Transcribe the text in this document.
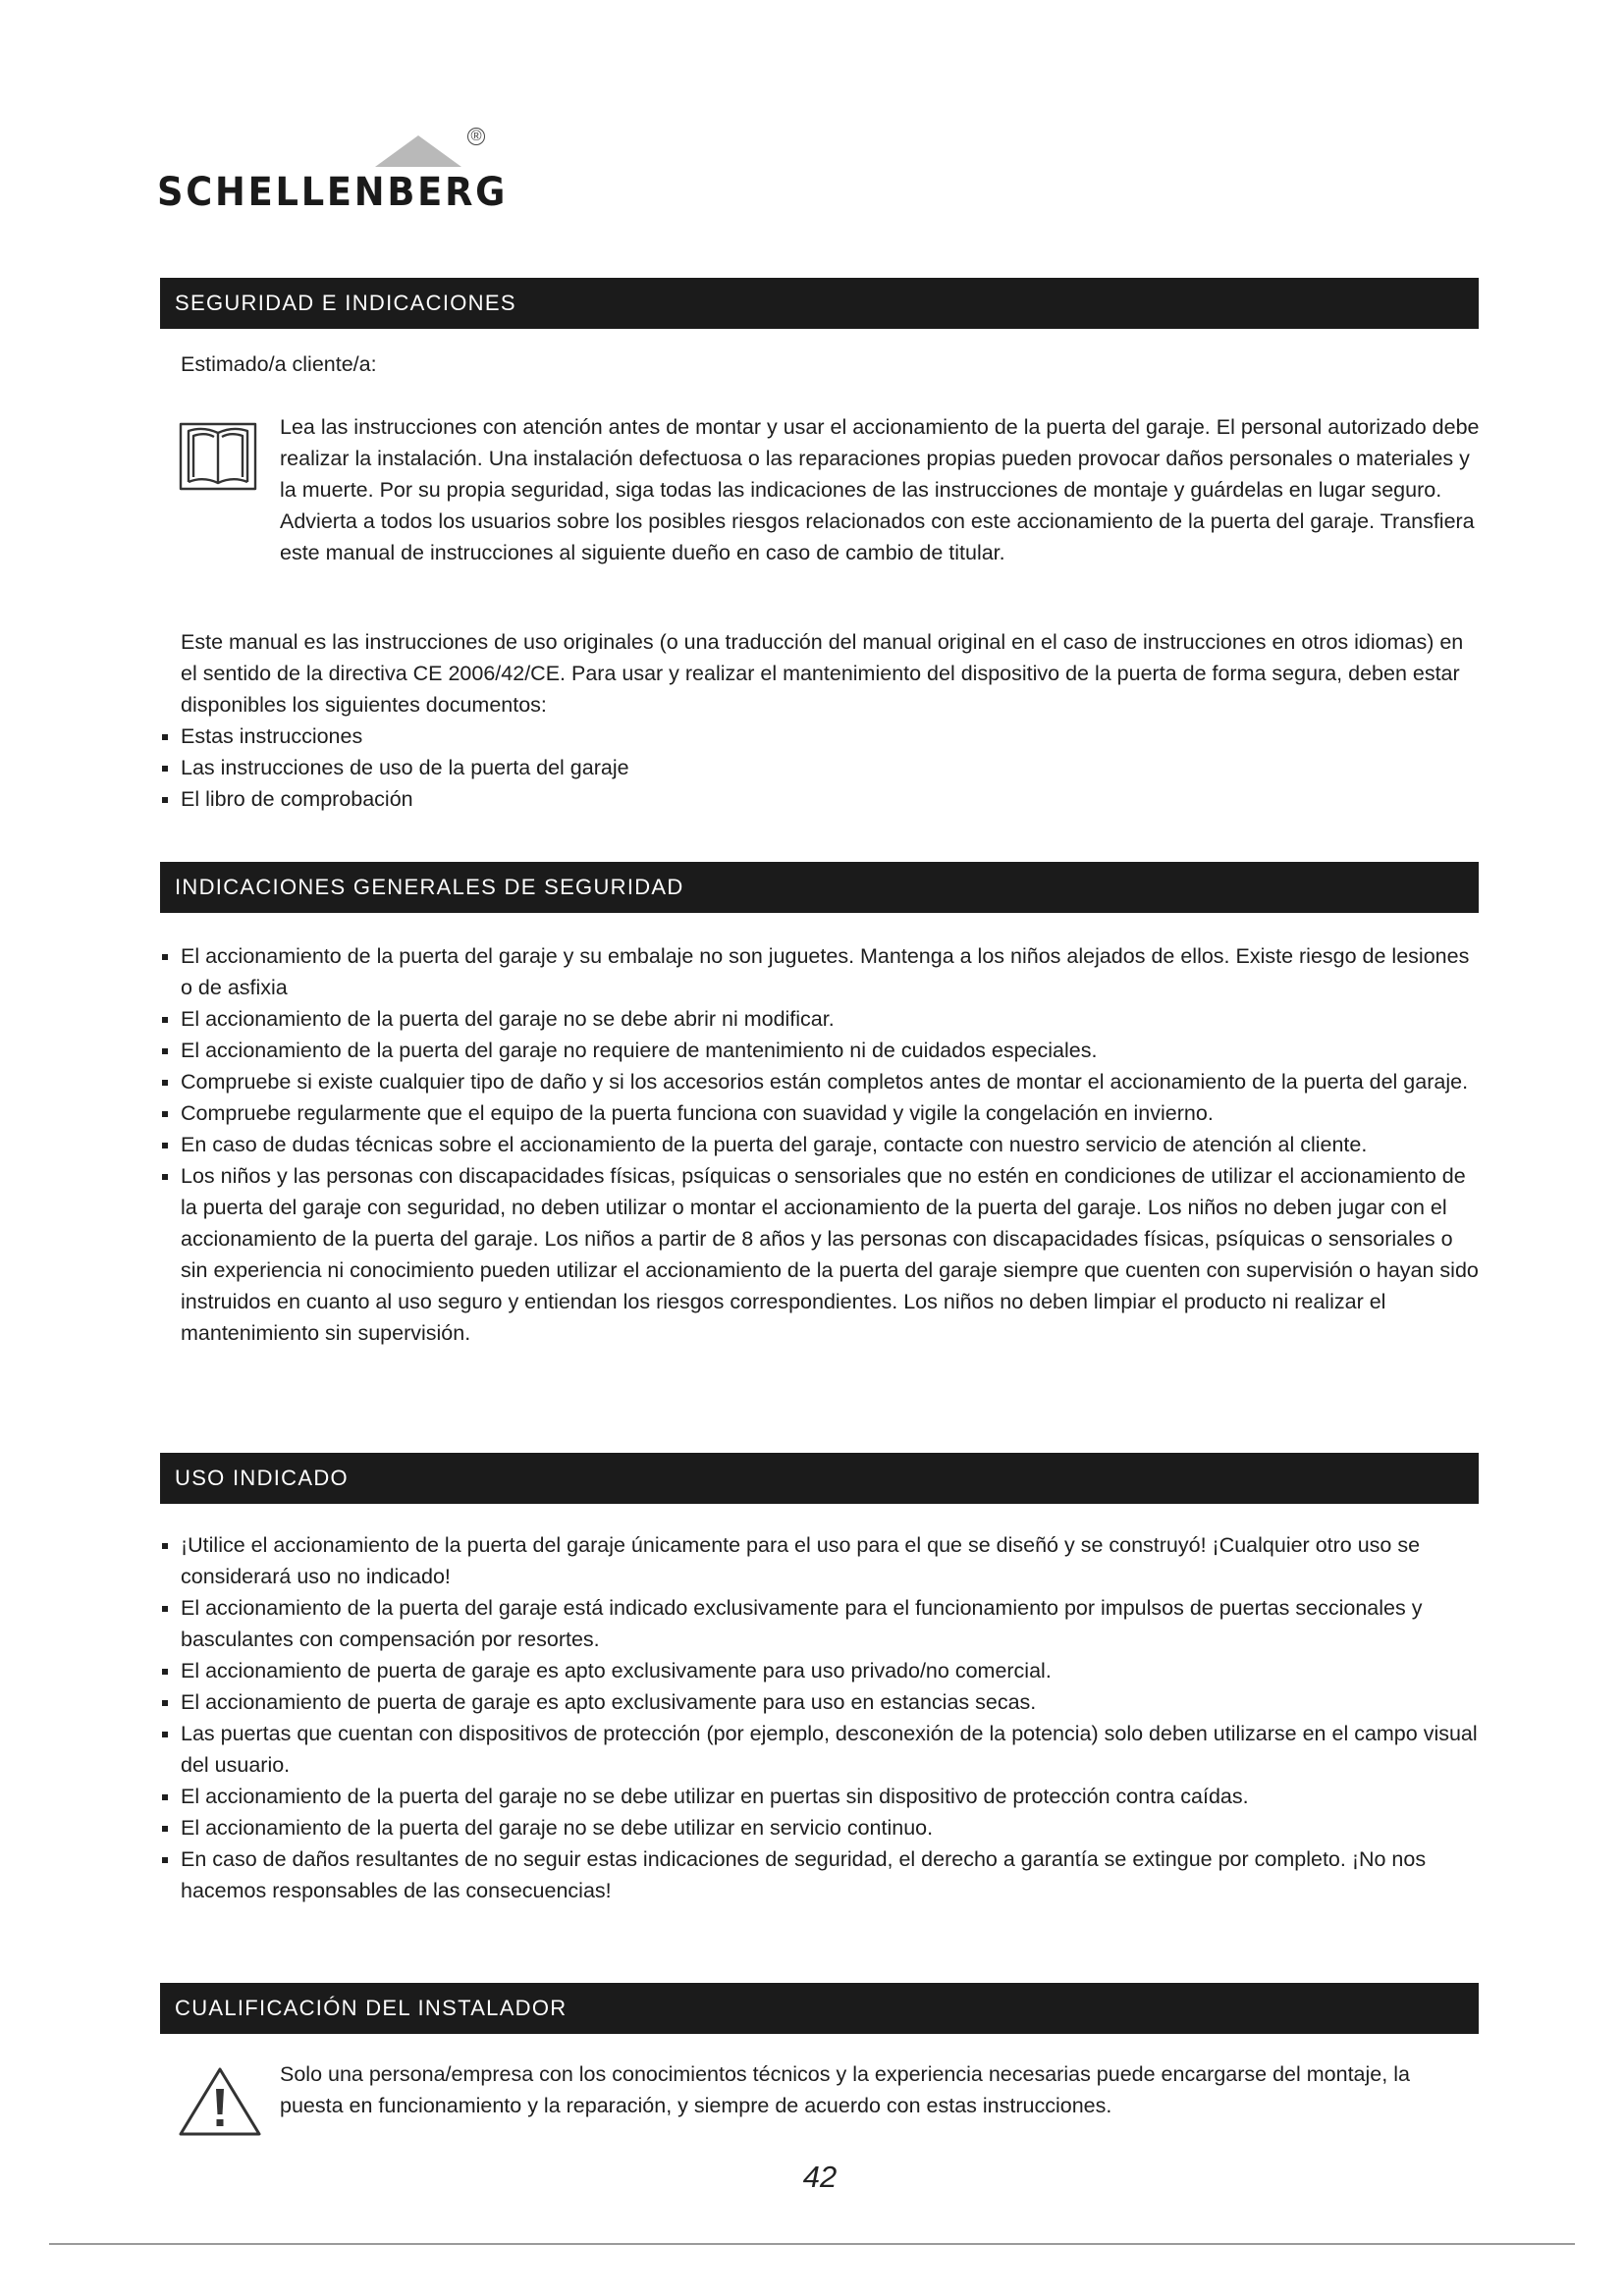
®
SCHELLENBERG
SEGURIDAD E INDICACIONES

Estimado/a cliente/a:

Lea las instrucciones con atención antes de montar y usar el accionamiento de la puerta del garaje. El personal autorizado debe realizar la instalación. Una instalación defectuosa o las reparaciones propias pueden provocar daños personales o materiales y la muerte. Por su propia seguridad, siga todas las indicaciones de las instrucciones de montaje y guárdelas en lugar seguro. Advierta a todos los usuarios sobre los posibles riesgos relacionados con este accionamiento de la puerta del garaje. Transfiera este manual de instrucciones al siguiente dueño en caso de cambio de titular.

Este manual es las instrucciones de uso originales (o una traducción del manual original en el caso de instrucciones en otros idiomas) en el sentido de la directiva CE 2006/42/CE. Para usar y realizar el mantenimiento del dispositivo de la puerta de forma segura, deben estar disponibles los siguientes documentos:

Estas instrucciones
Las instrucciones de uso de la puerta del garaje
El libro de comprobación
INDICACIONES GENERALES DE SEGURIDAD
El accionamiento de la puerta del garaje y su embalaje no son juguetes. Mantenga a los niños alejados de ellos. Existe riesgo de lesiones o de asfixia
El accionamiento de la puerta del garaje no se debe abrir ni modificar.
El accionamiento de la puerta del garaje no requiere de mantenimiento ni de cuidados especiales.
Compruebe si existe cualquier tipo de daño y si los accesorios están completos antes de montar el accionamiento de la puerta del garaje.
Compruebe regularmente que el equipo de la puerta funciona con suavidad y vigile la congelación en invierno.
En caso de dudas técnicas sobre el accionamiento de la puerta del garaje, contacte con nuestro servicio de atención al cliente.
Los niños y las personas con discapacidades físicas, psíquicas o sensoriales que no estén en condiciones de utilizar el accionamiento de la puerta del garaje con seguridad, no deben utilizar o montar el accionamiento de la puerta del garaje. Los niños no deben jugar con el accionamiento de la puerta del garaje. Los niños a partir de 8 años y las personas con discapacidades físicas, psíquicas o sensoriales o sin experiencia ni conocimiento pueden utilizar el accionamiento de la puerta del garaje siempre que cuenten con supervisión o hayan sido instruidos en cuanto al uso seguro y entiendan los riesgos correspondientes. Los niños no deben limpiar el producto ni realizar el mantenimiento sin supervisión.
USO INDICADO
¡Utilice el accionamiento de la puerta del garaje únicamente para el uso para el que se diseñó y se construyó! ¡Cualquier otro uso se considerará uso no indicado!
El accionamiento de la puerta del garaje está indicado exclusivamente para el funcionamiento por impulsos de puertas seccionales y basculantes con compensación por resortes.
El accionamiento de puerta de garaje es apto exclusivamente para uso privado/no comercial.
El accionamiento de puerta de garaje es apto exclusivamente para uso en estancias secas.
Las puertas que cuentan con dispositivos de protección (por ejemplo, desconexión de la potencia) solo deben utilizarse en el campo visual del usuario.
El accionamiento de la puerta del garaje no se debe utilizar en puertas sin dispositivo de protección contra caídas.
El accionamiento de la puerta del garaje no se debe utilizar en servicio continuo.
En caso de daños resultantes de no seguir estas indicaciones de seguridad, el derecho a garantía se extingue por completo. ¡No nos hacemos responsables de las consecuencias!
CUALIFICACIÓN DEL INSTALADOR

Solo una persona/empresa con los conocimientos técnicos y la experiencia necesarias puede encargarse del montaje, la puesta en funcionamiento y la reparación, y siempre de acuerdo con estas instrucciones.

42
